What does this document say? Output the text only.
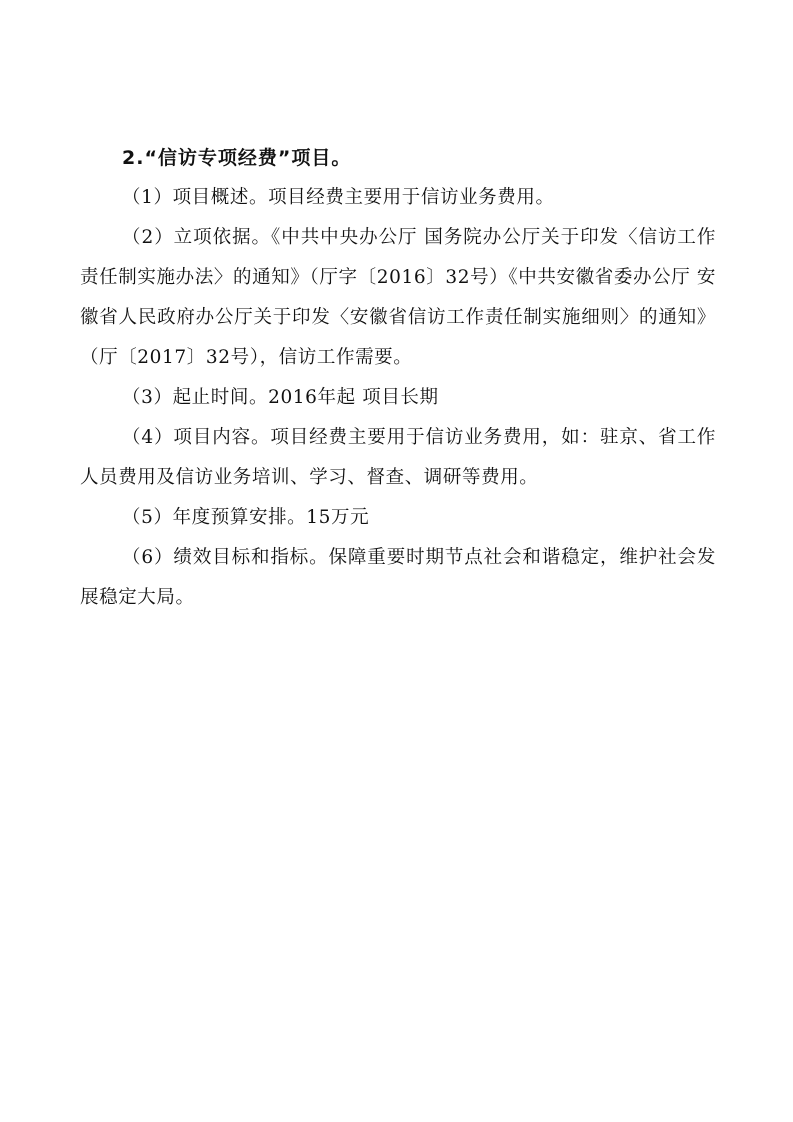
2.“信访专项经费”项目。

（1）项目概述。项目经费主要用于信访业务费用。

（2）立项依据。《中共中央办公厅 国务院办公厅关于印发〈信访工作责任制实施办法〉的通知》（厅字〔2016〕32号）《中共安徽省委办公厅 安徽省人民政府办公厅关于印发〈安徽省信访工作责任制实施细则〉的通知》（厅〔2017〕32号），信访工作需要。

（3）起止时间。2016年起 项目长期

（4）项目内容。项目经费主要用于信访业务费用，如：驻京、省工作人员费用及信访业务培训、学习、督查、调研等费用。

（5）年度预算安排。15万元

（6）绩效目标和指标。保障重要时期节点社会和谐稳定，维护社会发展稳定大局。
